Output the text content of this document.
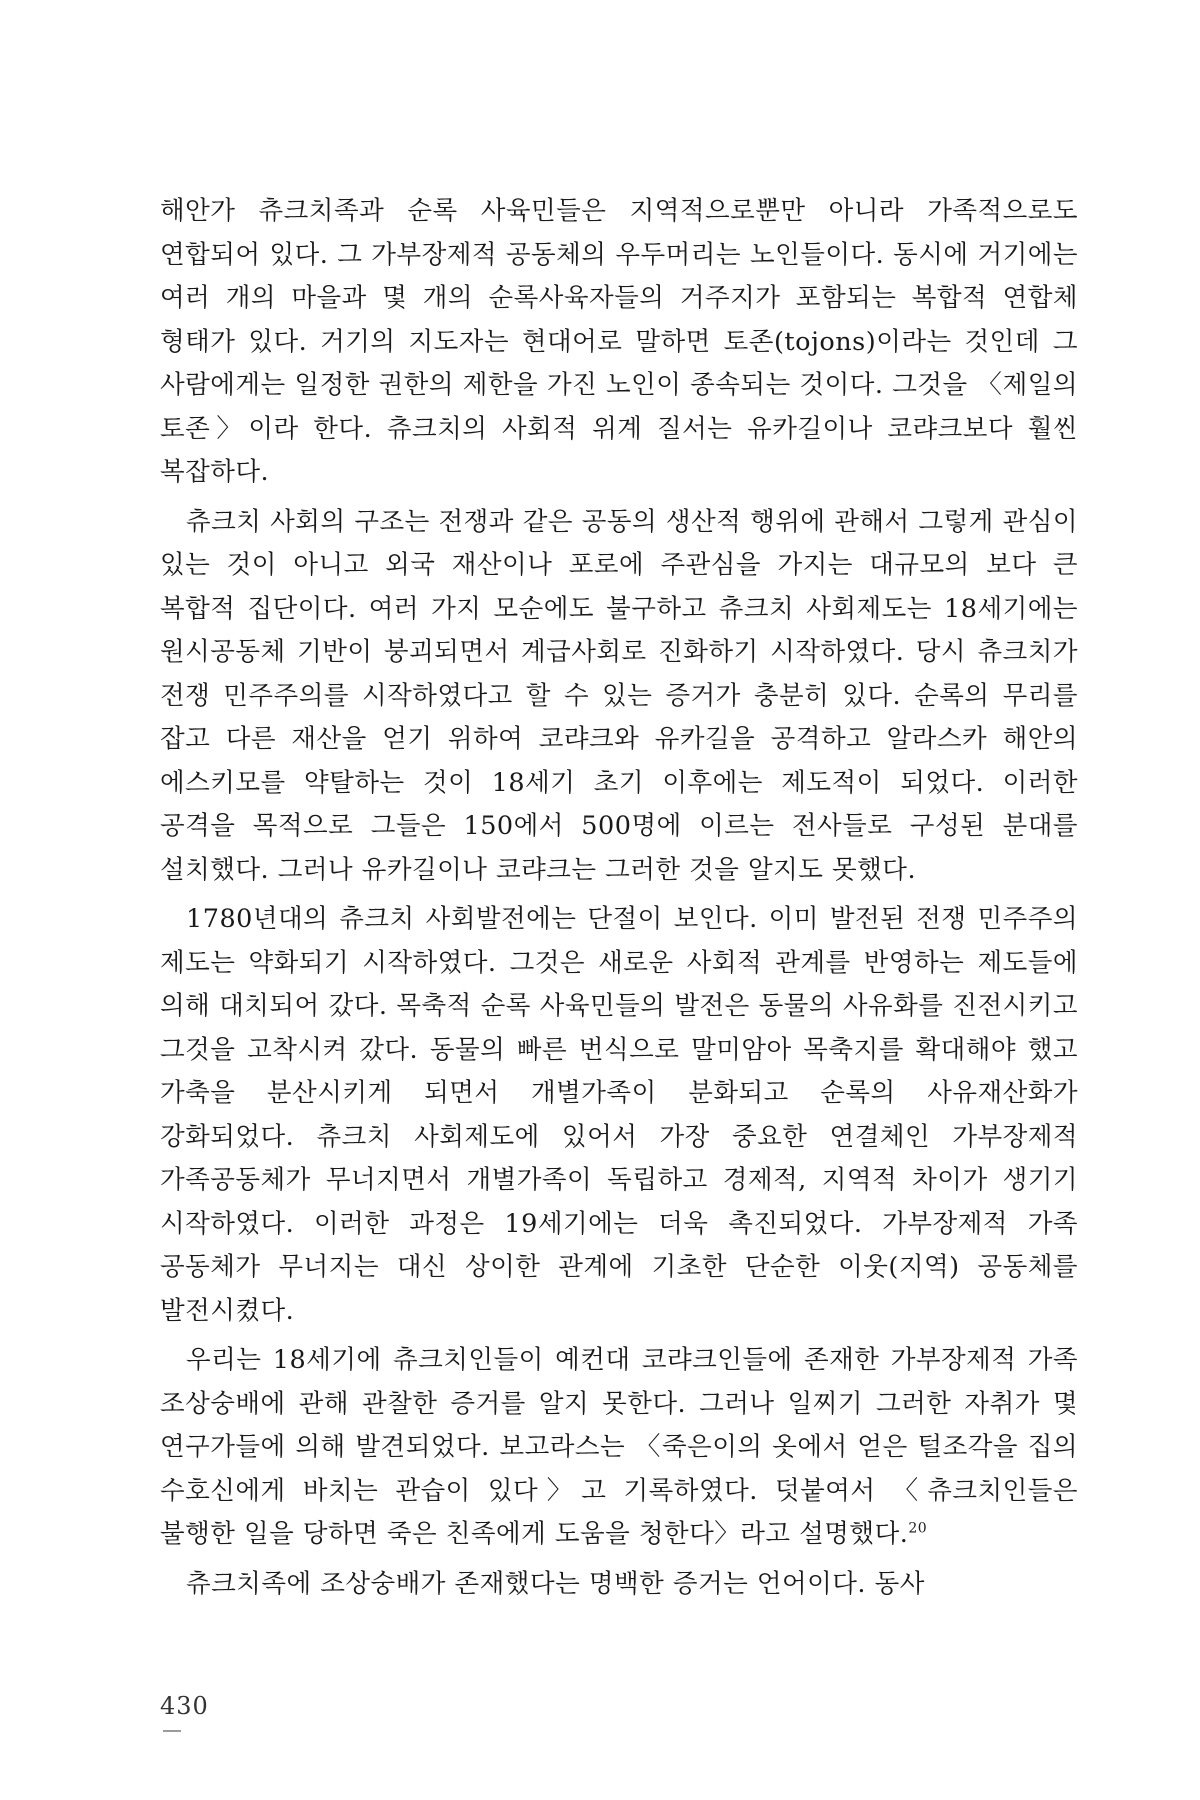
해안가 츄크치족과 순록 사육민들은 지역적으로뿐만 아니라 가족적으로도 연합되어 있다. 그 가부장제적 공동체의 우두머리는 노인들이다. 동시에 거기에는 여러 개의 마을과 몇 개의 순록사육자들의 거주지가 포함되는 복합적 연합체 형태가 있다. 거기의 지도자는 현대어로 말하면 토존(tojons)이라는 것인데 그 사람에게는 일정한 권한의 제한을 가진 노인이 종속되는 것이다. 그것을 〈제일의 토존〉이라 한다. 츄크치의 사회적 위계 질서는 유카길이나 코랴크보다 훨씬 복잡하다.

츄크치 사회의 구조는 전쟁과 같은 공동의 생산적 행위에 관해서 그렇게 관심이 있는 것이 아니고 외국 재산이나 포로에 주관심을 가지는 대규모의 보다 큰 복합적 집단이다. 여러 가지 모순에도 불구하고 츄크치 사회제도는 18세기에는 원시공동체 기반이 붕괴되면서 계급사회로 진화하기 시작하였다. 당시 츄크치가 전쟁 민주주의를 시작하였다고 할 수 있는 증거가 충분히 있다. 순록의 무리를 잡고 다른 재산을 얻기 위하여 코랴크와 유카길을 공격하고 알라스카 해안의 에스키모를 약탈하는 것이 18세기 초기 이후에는 제도적이 되었다. 이러한 공격을 목적으로 그들은 150에서 500명에 이르는 전사들로 구성된 분대를 설치했다. 그러나 유카길이나 코랴크는 그러한 것을 알지도 못했다.

1780년대의 츄크치 사회발전에는 단절이 보인다. 이미 발전된 전쟁 민주주의 제도는 약화되기 시작하였다. 그것은 새로운 사회적 관계를 반영하는 제도들에 의해 대치되어 갔다. 목축적 순록 사육민들의 발전은 동물의 사유화를 진전시키고 그것을 고착시켜 갔다. 동물의 빠른 번식으로 말미암아 목축지를 확대해야 했고 가축을 분산시키게 되면서 개별가족이 분화되고 순록의 사유재산화가 강화되었다. 츄크치 사회제도에 있어서 가장 중요한 연결체인 가부장제적 가족공동체가 무너지면서 개별가족이 독립하고 경제적, 지역적 차이가 생기기 시작하였다. 이러한 과정은 19세기에는 더욱 촉진되었다. 가부장제적 가족 공동체가 무너지는 대신 상이한 관계에 기초한 단순한 이웃(지역) 공동체를 발전시켰다.

우리는 18세기에 츄크치인들이 예컨대 코랴크인들에 존재한 가부장제적 가족 조상숭배에 관해 관찰한 증거를 알지 못한다. 그러나 일찌기 그러한 자취가 몇 연구가들에 의해 발견되었다. 보고라스는 〈죽은이의 옷에서 얻은 털조각을 집의 수호신에게 바치는 관습이 있다〉고 기록하였다. 덧붙여서 〈츄크치인들은 불행한 일을 당하면 죽은 친족에게 도움을 청한다〉라고 설명했다.$^{20}$

츄크치족에 조상숭배가 존재했다는 명백한 증거는 언어이다. 동사

430
